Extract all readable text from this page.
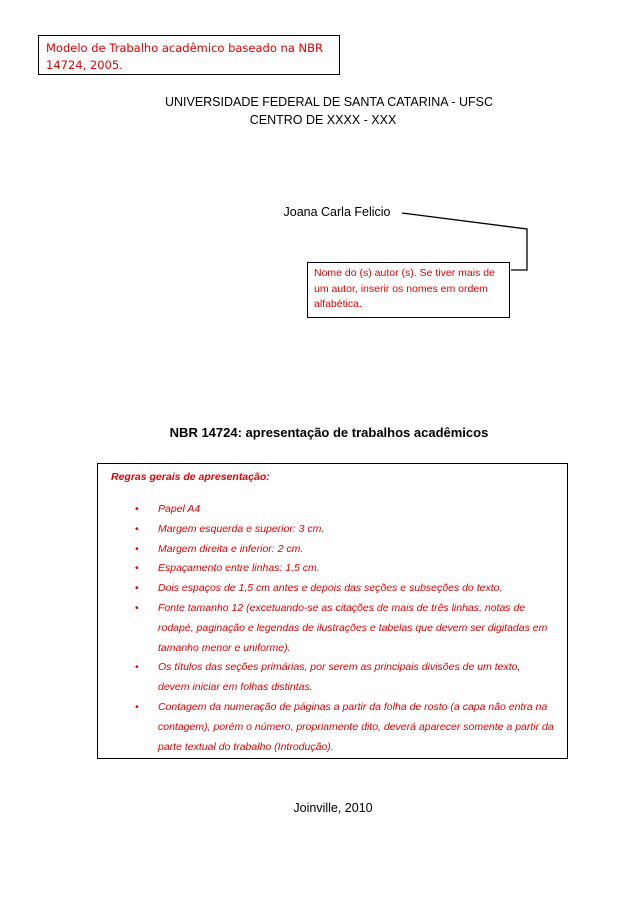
Modelo de Trabalho acadêmico baseado na NBR
14724, 2005.
UNIVERSIDADE FEDERAL DE SANTA CATARINA - UFSC
CENTRO DE XXXX - XXX
Joana Carla Felicio
Nome do (s) autor (s). Se tiver mais de um autor, inserir os nomes em ordem alfabética.
NBR 14724: apresentação de trabalhos acadêmicos
Regras gerais de apresentação:
• Papel A4
• Margem esquerda e superior: 3 cm.
• Margem direita e inferior: 2 cm.
• Espaçamento entre linhas: 1,5 cm.
• Dois espaços de 1,5 cm antes e depois das seções e subseções do texto.
• Fonte tamanho 12 (excetuando-se as citações de mais de três linhas, notas de rodapé, paginação e legendas de ilustrações e tabelas que devem ser digitadas em tamanho menor e uniforme).
• Os títulos das seções primárias, por serem as principais divisões de um texto, devem iniciar em folhas distintas.
• Contagem da numeração de páginas a partir da folha de rosto (a capa não entra na contagem), porém o número, propriamente dito, deverá aparecer somente a partir da parte textual do trabalho (Introdução).
Joinville, 2010
